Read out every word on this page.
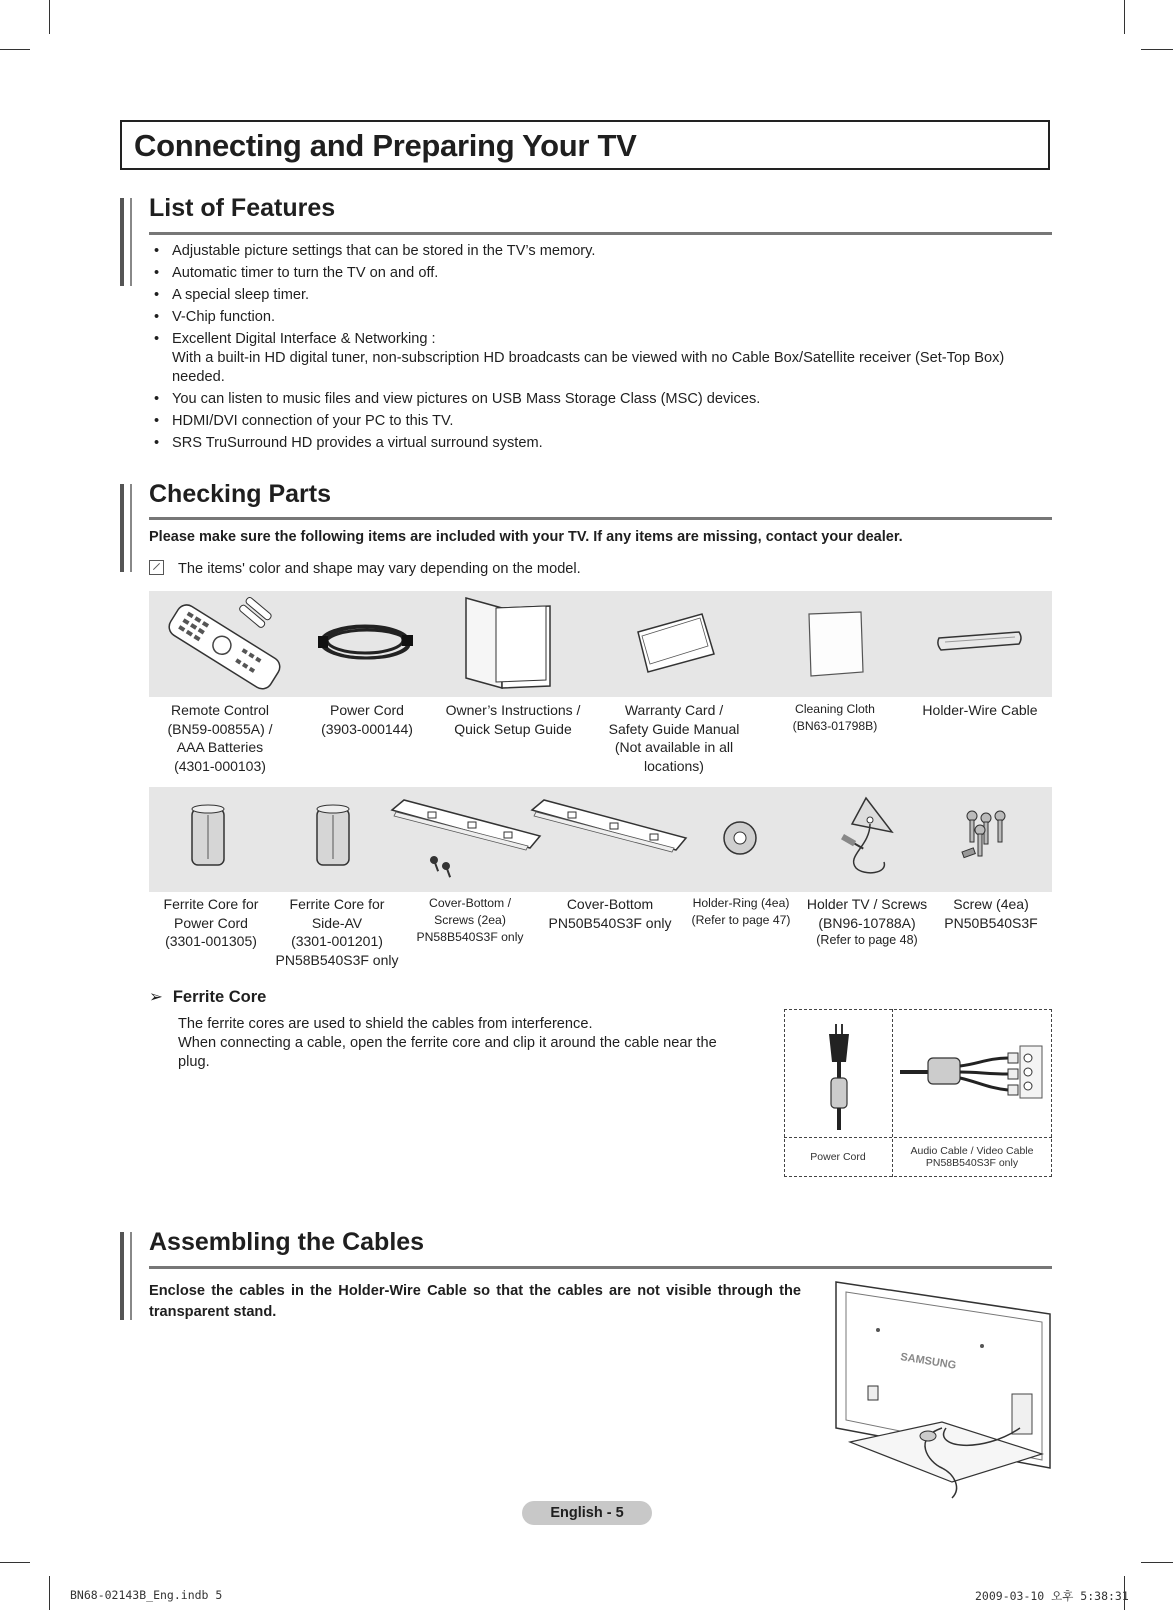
Connecting and Preparing Your TV
List of Features
• Adjustable picture settings that can be stored in the TV’s memory.
• Automatic timer to turn the TV on and off.
• A special sleep timer.
• V-Chip function.
• Excellent Digital Interface & Networking :
With a built-in HD digital tuner, non-subscription HD broadcasts can be viewed with no Cable Box/Satellite receiver (Set-Top Box) needed.
• You can listen to music files and view pictures on USB Mass Storage Class (MSC) devices.
• HDMI/DVI connection of your PC to this TV.
• SRS TruSurround HD provides a virtual surround system.
Checking Parts
Please make sure the following items are included with your TV. If any items are missing, contact your dealer.
The items' color and shape may vary depending on the model.
Remote Control
(BN59-00855A) /
AAA Batteries
(4301-000103)
Power Cord
(3903-000144)
Owner’s Instructions /
Quick Setup Guide
Warranty Card /
Safety Guide Manual
(Not available in all
locations)
Cleaning Cloth
(BN63-01798B)
Holder-Wire Cable
Ferrite Core for
Power Cord
(3301-001305)
Ferrite Core for
Side-AV
(3301-001201)
PN58B540S3F only
Cover-Bottom /
Screws (2ea)
PN58B540S3F only
Cover-Bottom
PN50B540S3F only
Holder-Ring (4ea)
(Refer to page 47)
Holder TV / Screws
(BN96-10788A)
(Refer to page 48)
Screw (4ea)
PN50B540S3F
➢ Ferrite Core
The ferrite cores are used to shield the cables from interference.
When connecting a cable, open the ferrite core and clip it around the cable near the plug.
Power Cord	Audio Cable / Video Cable
PN58B540S3F only
Assembling the Cables
Enclose the cables in the Holder-Wire Cable so that the cables are not visible through the transparent stand.
SAMSUNG
English - 5
BN68-02143B_Eng.indb 5	2009-03-10 오후 5:38:31
